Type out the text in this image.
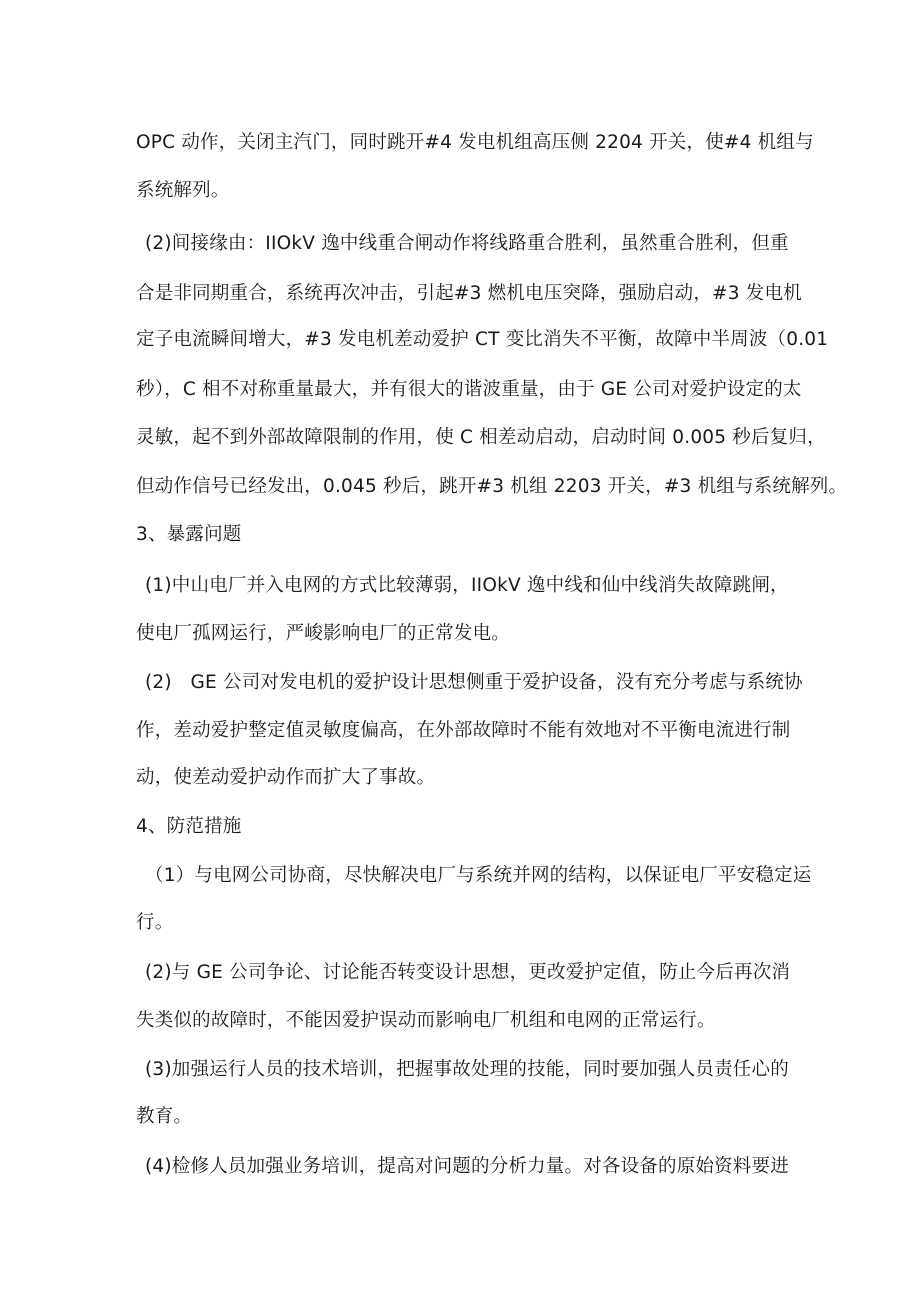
OPC 动作，关闭主汽门，同时跳开#4 发电机组高压侧 2204 开关，使#4 机组与
系统解列。
(2)间接缘由：IIOkV 逸中线重合闸动作将线路重合胜利，虽然重合胜利，但重
合是非同期重合，系统再次冲击，引起#3 燃机电压突降，强励启动，#3 发电机
定子电流瞬间增大，#3 发电机差动爱护 CT 变比消失不平衡，故障中半周波（0.01
秒），C 相不对称重量最大，并有很大的谐波重量，由于 GE 公司对爱护设定的太
灵敏，起不到外部故障限制的作用，使 C 相差动启动，启动时间 0.005 秒后复归，
但动作信号已经发出，0.045 秒后，跳开#3 机组 2203 开关，#3 机组与系统解列。
3、暴露问题
(1)中山电厂并入电网的方式比较薄弱，IIOkV 逸中线和仙中线消失故障跳闸，
使电厂孤网运行，严峻影响电厂的正常发电。
(2)　GE 公司对发电机的爱护设计思想侧重于爱护设备，没有充分考虑与系统协
作，差动爱护整定值灵敏度偏高，在外部故障时不能有效地对不平衡电流进行制
动，使差动爱护动作而扩大了事故。
4、防范措施
（1）与电网公司协商，尽快解决电厂与系统并网的结构，以保证电厂平安稳定运
行。
(2)与 GE 公司争论、讨论能否转变设计思想，更改爱护定值，防止今后再次消
失类似的故障时，不能因爱护误动而影响电厂机组和电网的正常运行。
(3)加强运行人员的技术培训，把握事故处理的技能，同时要加强人员责任心的
教育。
(4)检修人员加强业务培训，提高对问题的分析力量。对各设备的原始资料要进
